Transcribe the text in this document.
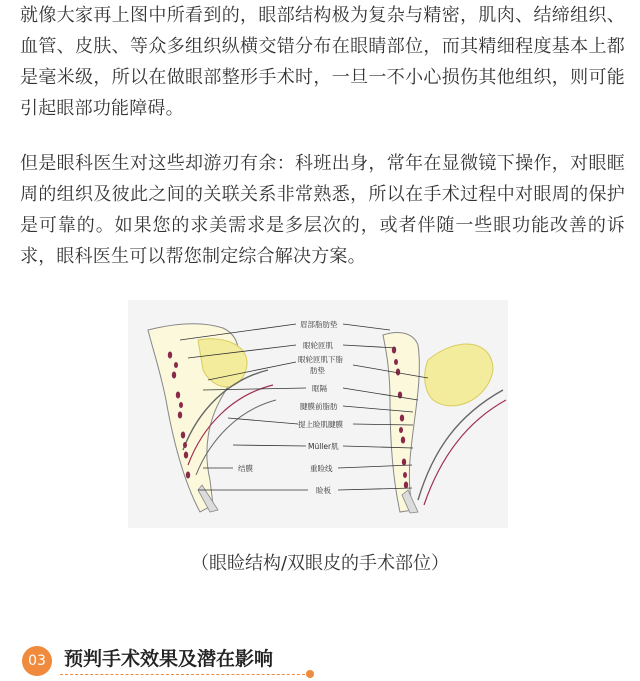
就像大家再上图中所看到的，眼部结构极为复杂与精密，肌肉、结缔组织、血管、皮肤、等众多组织纵横交错分布在眼睛部位，而其精细程度基本上都是毫米级，所以在做眼部整形手术时，一旦一不小心损伤其他组织，则可能引起眼部功能障碍。

但是眼科医生对这些却游刃有余：科班出身，常年在显微镜下操作，对眼眶周的组织及彼此之间的关联关系非常熟悉，所以在手术过程中对眼周的保护是可靠的。如果您的求美需求是多层次的，或者伴随一些眼功能改善的诉求，眼科医生可以帮您制定综合解决方案。

眉部脂肪垫
眼轮匝肌
眼轮匝肌下脂
肪垫
眶隔
腱膜前脂肪
提上睑肌腱膜
Müller肌
结膜	重睑线
睑板
（眼睑结构/双眼皮的手术部位）
03 预判手术效果及潜在影响
